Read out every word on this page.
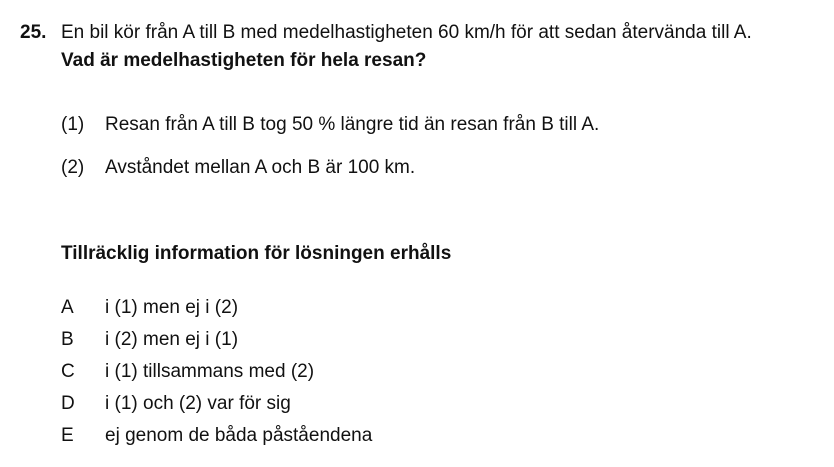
25. En bil kör från A till B med medelhastigheten 60 km/h för att sedan återvända till A.
Vad är medelhastigheten för hela resan?
(1) Resan från A till B tog 50 % längre tid än resan från B till A.
(2) Avståndet mellan A och B är 100 km.
Tillräcklig information för lösningen erhålls
A i (1) men ej i (2)
B i (2) men ej i (1)
C i (1) tillsammans med (2)
D i (1) och (2) var för sig
E ej genom de båda påståendena
